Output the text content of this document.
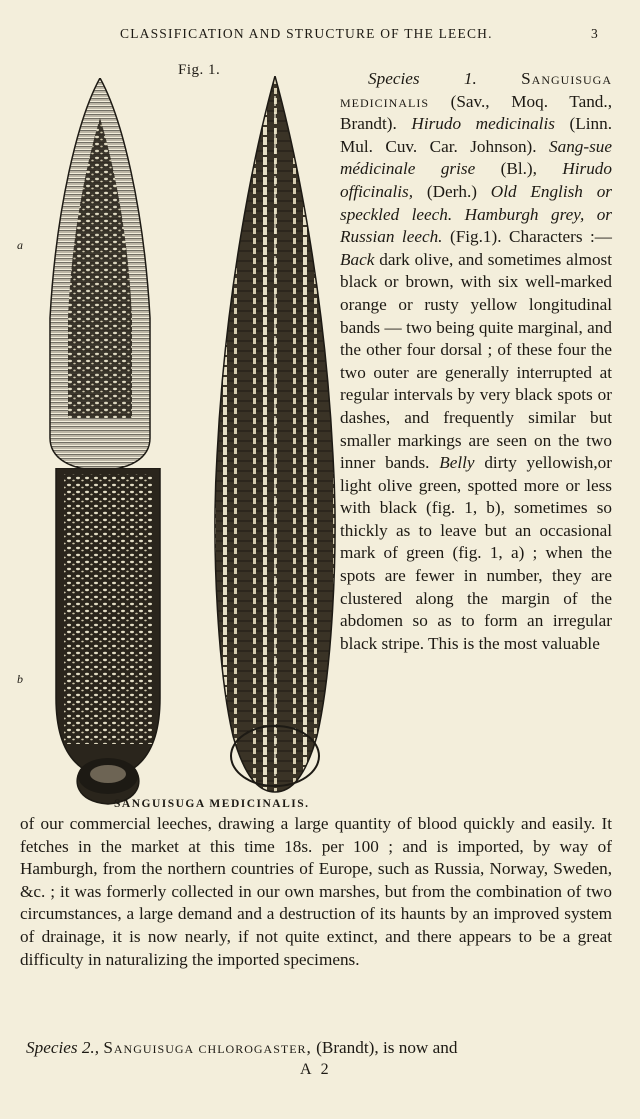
CLASSIFICATION AND STRUCTURE OF THE LEECH.	3
Fig. 1.
a
b
SANGUISUGA MEDICINALIS.

Species 1.	Sanguisuga medicinalis (Sav., Moq. Tand., Brandt). Hirudo medicinalis (Linn. Mul. Cuv. Car. Johnson). Sang-sue médicinale grise (Bl.), Hirudo officinalis, (Derh.) Old English or speckled leech. Hamburgh grey, or Russian leech. (Fig.1). Characters :—Back dark olive, and sometimes almost black or brown, with six well-marked orange or rusty yellow longitudinal bands — two being quite marginal, and the other four dorsal ; of these four the two outer are generally interrupted at regular intervals by very black spots or dashes, and frequently similar but smaller markings are seen on the two inner bands. Belly dirty yellowish,or light olive green, spotted more or less with black (fig. 1, b), sometimes so thickly as to leave but an occasional mark of green (fig. 1, a) ; when the spots are fewer in number, they are clustered along the margin of the abdomen so as to form an irregular black stripe. This is the most valuable

of our commercial leeches, drawing a large quantity of blood quickly and easily. It fetches in the market at this time 18s. per 100 ; and is imported, by way of Hamburgh, from the northern countries of Europe, such as Russia, Norway, Sweden, &c. ; it was formerly collected in our own marshes, but from the combination of two circumstances, a large demand and a destruction of its haunts by an improved system of drainage, it is now nearly, if not quite extinct, and there appears to be a great difficulty in naturalizing the imported specimens.

Species 2., Sanguisuga chlorogaster, (Brandt), is now and
A 2
